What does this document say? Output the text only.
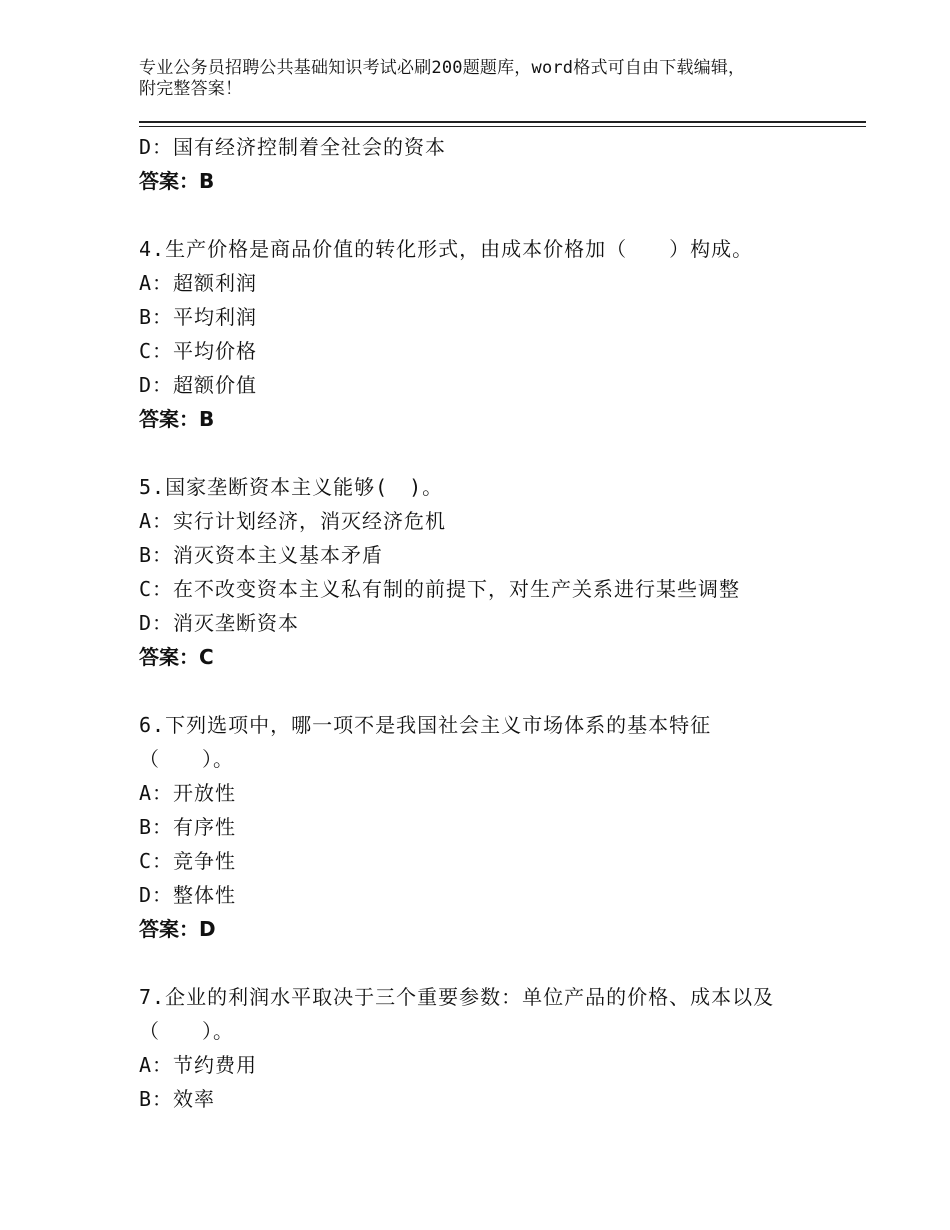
专业公务员招聘公共基础知识考试必刷200题题库，word格式可自由下载编辑，
附完整答案！
D：国有经济控制着全社会的资本
答案：B
4.生产价格是商品价值的转化形式，由成本价格加（　　）构成。
A：超额利润
B：平均利润
C：平均价格
D：超额价值
答案：B
5.国家垄断资本主义能够(　)。
A：实行计划经济，消灭经济危机
B：消灭资本主义基本矛盾
C：在不改变资本主义私有制的前提下，对生产关系进行某些调整
D：消灭垄断资本
答案：C
6.下列选项中，哪一项不是我国社会主义市场体系的基本特征
（　　）。
A：开放性
B：有序性
C：竞争性
D：整体性
答案：D
7.企业的利润水平取决于三个重要参数：单位产品的价格、成本以及
（　　）。
A：节约费用
B：效率
